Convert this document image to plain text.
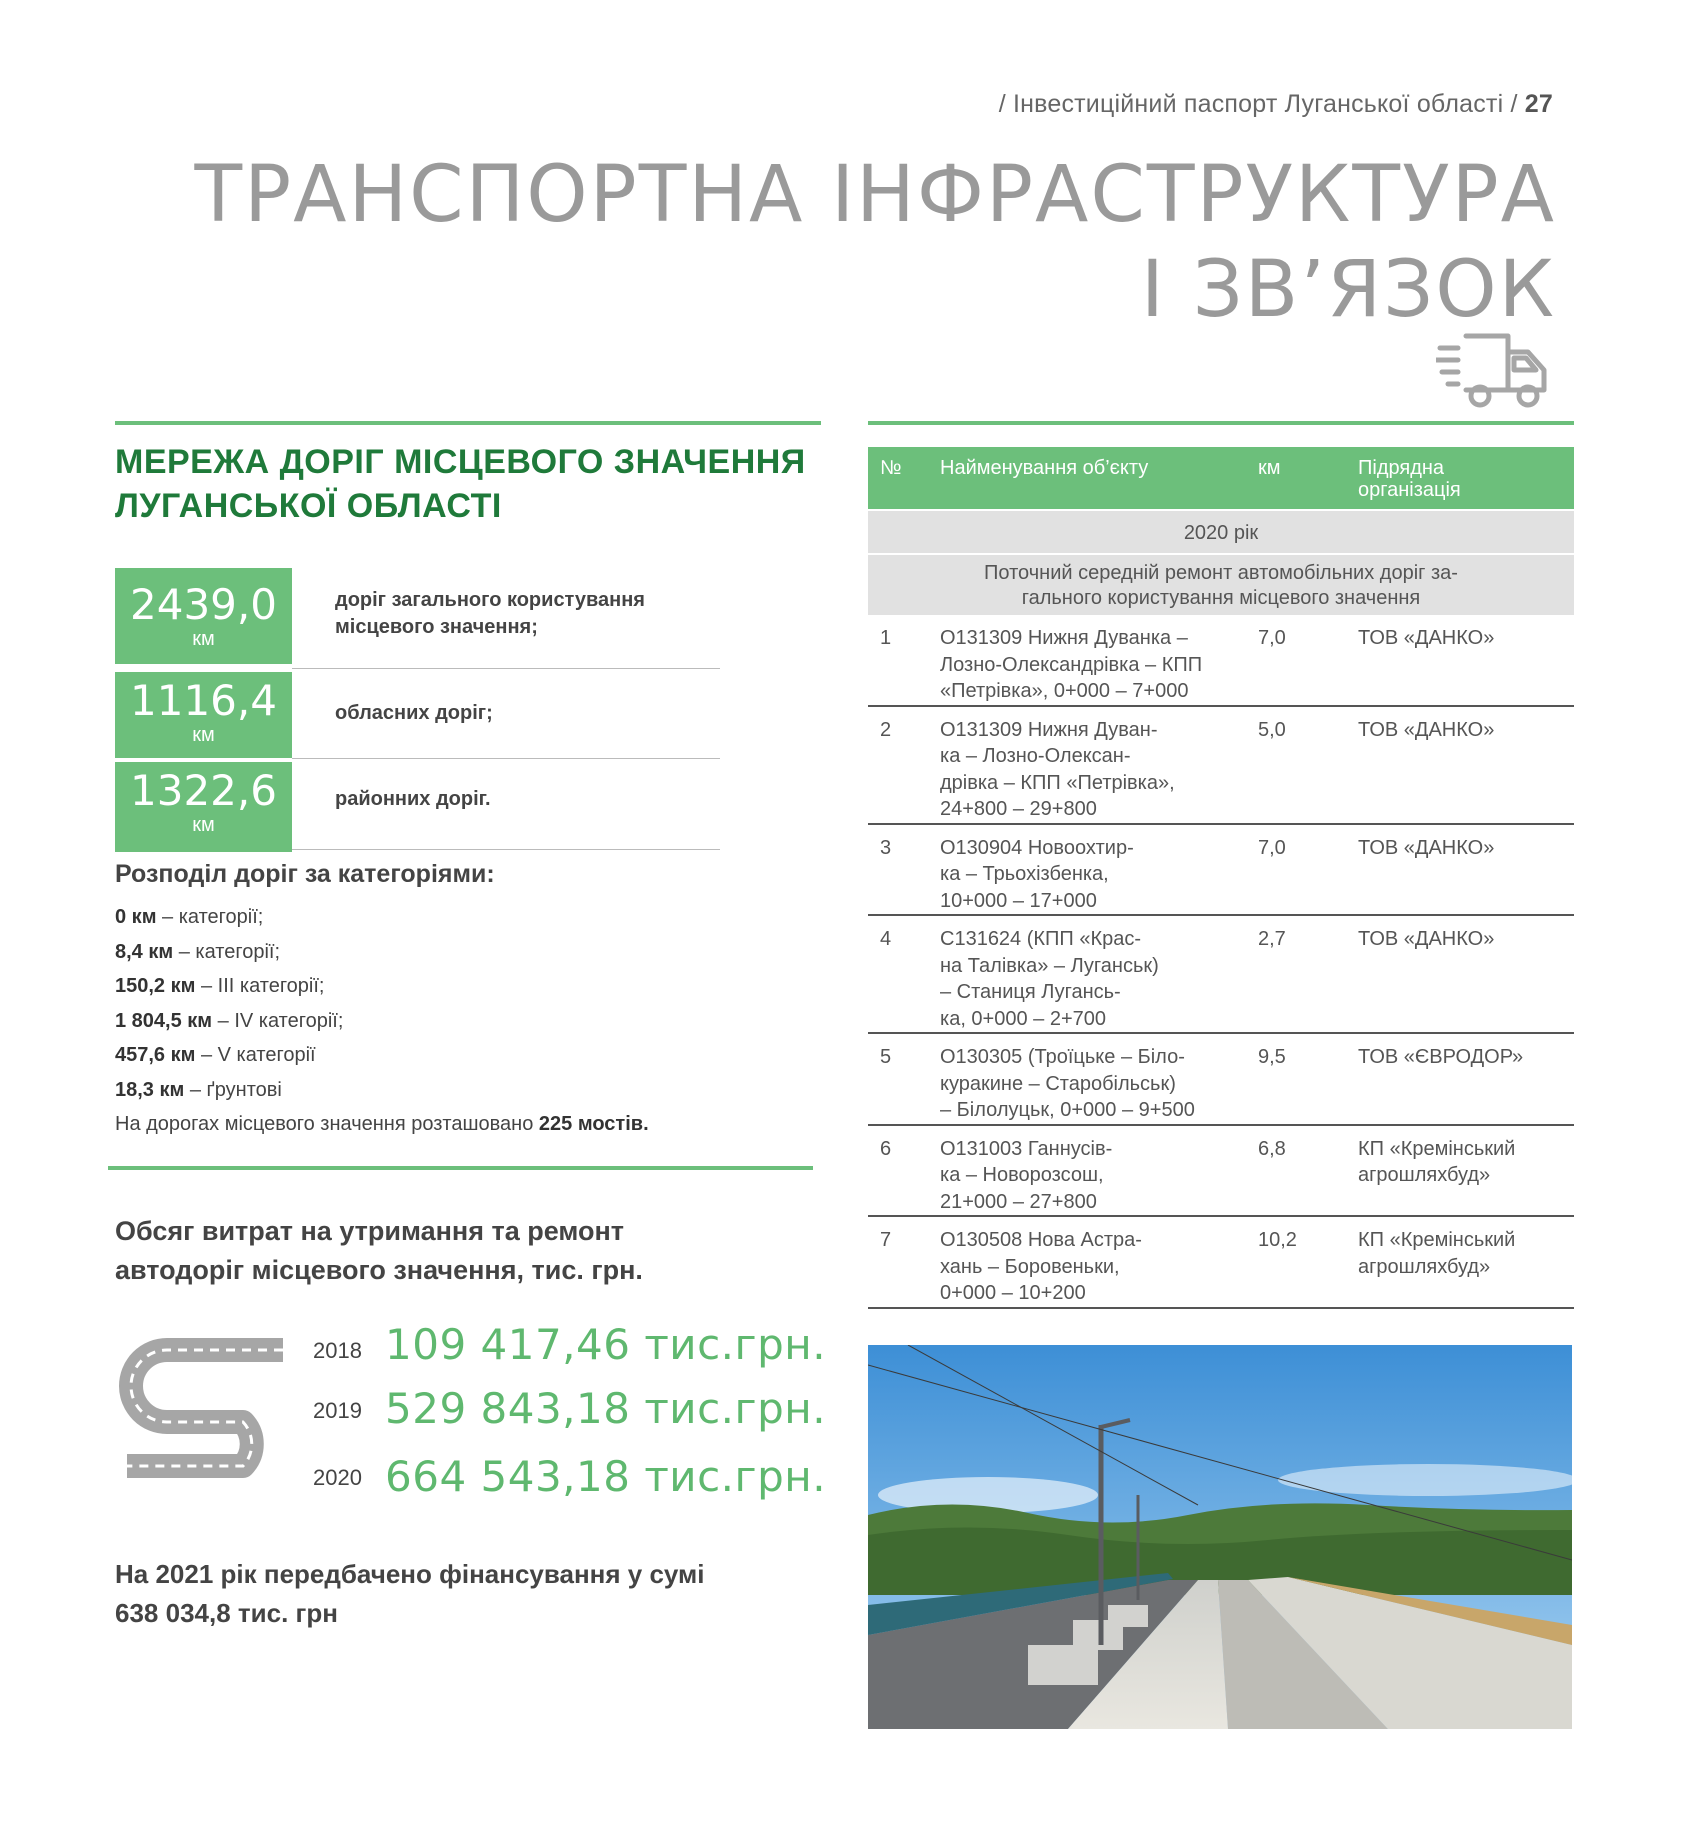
/ Інвестиційний паспорт Луганської області / 27
ТРАНСПОРТНА ІНФРАСТРУКТУРА
І ЗВ’ЯЗОК
МЕРЕЖА ДОРІГ МІСЦЕВОГО ЗНАЧЕННЯ
ЛУГАНСЬКОЇ ОБЛАСТІ
2439,0
км
доріг загального користування
місцевого значення;
1116,4
км
обласних доріг;
1322,6
км
районних доріг.
Розподіл доріг за категоріями:
0 км – категорії;
8,4 км – категорії;
150,2 км – ІІІ категорії;
1 804,5 км – IV категорії;
457,6 км – V категорії
18,3 км – ґрунтові
На дорогах місцевого значення розташовано 225 мостів.
Обсяг витрат на утримання та ремонт
автодоріг місцевого значення, тис. грн.
2018 109 417,46 тис.грн.
2019 529 843,18 тис.грн.
2020 664 543,18 тис.грн.
На 2021 рік передбачено фінансування у сумі
638 034,8 тис. грн
№	Найменування об’єкту	км	Підрядна
організація
2020 рік
Поточний середній ремонт автомобільних доріг за-
гального користування місцевого значення
1	О131309 Нижня Дуванка –
Лозно-Олександрівка – КПП
«Петрівка», 0+000 – 7+000
7,0	ТОВ «ДАНКО»
2	О131309 Нижня Дуван-
ка – Лозно-Олексан-
дрівка – КПП «Петрівка»,
24+800 – 29+800
5,0	ТОВ «ДАНКО»
3	О130904 Новоохтир-
ка – Трьохізбенка,
10+000 – 17+000
7,0	ТОВ «ДАНКО»
4	С131624 (КПП «Крас-
на Талівка» – Луганськ)
– Станиця Лугансь-
ка, 0+000 – 2+700
2,7	ТОВ «ДАНКО»
5	О130305 (Троїцьке – Біло-
куракине – Старобільськ)
– Білолуцьк, 0+000 – 9+500
9,5	ТОВ «ЄВРОДОР»
6	О131003 Ганнусів-
ка – Новорозсош,
21+000 – 27+800
6,8	КП «Кремінський
агрошляхбуд»
7	О130508 Нова Астра-
хань – Боровеньки,
0+000 – 10+200
10,2	КП «Кремінський
агрошляхбуд»
